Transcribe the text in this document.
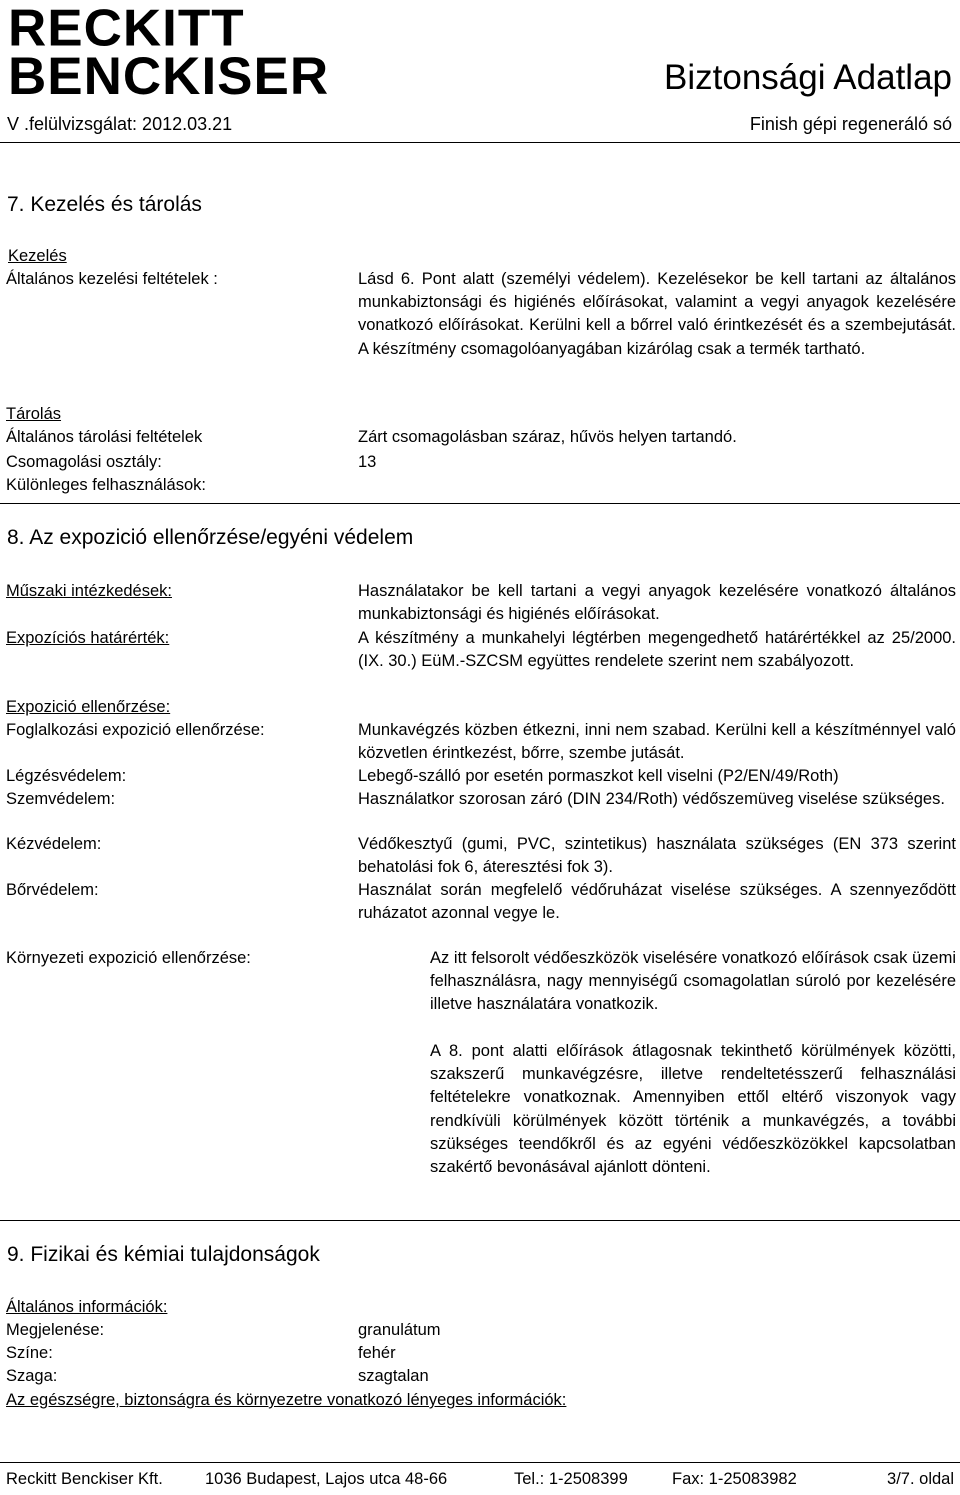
RECKITT
BENCKISER	Biztonsági Adatlap
V .felülvizsgálat: 2012.03.21	Finish gépi regeneráló só
7. Kezelés és tárolás
Kezelés
Általános kezelési feltételek :	Lásd 6. Pont alatt (személyi védelem). Kezelésekor be kell tartani az általános munkabiztonsági és higiénés előírásokat, valamint a vegyi anyagok kezelésére vonatkozó előírásokat. Kerülni kell a bőrrel való érintkezését és a szembejutását. A készítmény csomagolóanyagában kizárólag csak a termék tartható.
Tárolás
Általános tárolási feltételek	Zárt csomagolásban száraz, hűvös helyen tartandó.
Csomagolási osztály:	13
Különleges felhasználások:
8. Az expozició ellenőrzése/egyéni védelem
Műszaki intézkedések:	Használatakor be kell tartani a vegyi anyagok kezelésére vonatkozó általános munkabiztonsági és higiénés előírásokat.
Expozíciós határérték:	A készítmény a munkahelyi légtérben megengedhető határértékkel az 25/2000. (IX. 30.) EüM.-SZCSM együttes rendelete szerint nem szabályozott.
Expozició ellenőrzése:
Foglalkozási expozició ellenőrzése:	Munkavégzés közben étkezni, inni nem szabad. Kerülni kell a készítménnyel való közvetlen érintkezést, bőrre, szembe jutását.
Légzésvédelem:	Lebegő-szálló por esetén pormaszkot kell viselni (P2/EN/49/Roth)
Szemvédelem:	Használatkor szorosan záró (DIN 234/Roth) védőszemüveg viselése szükséges.
Kézvédelem:	Védőkesztyű (gumi, PVC, szintetikus) használata szükséges (EN 373 szerint behatolási fok 6, áteresztési fok 3).
Bőrvédelem:	Használat során megfelelő védőruházat viselése szükséges. A szennyeződött ruházatot azonnal vegye le.
Környezeti expozició ellenőrzése:	Az itt felsorolt védőeszközök viselésére vonatkozó előírások csak üzemi felhasználásra, nagy mennyiségű csomagolatlan súroló por kezelésére illetve használatára vonatkozik.
A 8. pont alatti előírások átlagosnak tekinthető körülmények közötti, szakszerű munkavégzésre, illetve rendeltetésszerű felhasználási feltételekre vonatkoznak. Amennyiben ettől eltérő viszonyok vagy rendkívüli körülmények között történik a munkavégzés, a további szükséges teendőkről és az egyéni védőeszközökkel kapcsolatban szakértő bevonásával ajánlott dönteni.
9. Fizikai és kémiai tulajdonságok
Általános információk:
Megjelenése:	granulátum
Színe:	fehér
Szaga:	szagtalan
Az egészségre, biztonságra és környezetre vonatkozó lényeges információk:
Reckitt Benckiser Kft.	1036 Budapest, Lajos utca 48-66	Tel.: 1-2508399	Fax: 1-25083982	3/7. oldal
